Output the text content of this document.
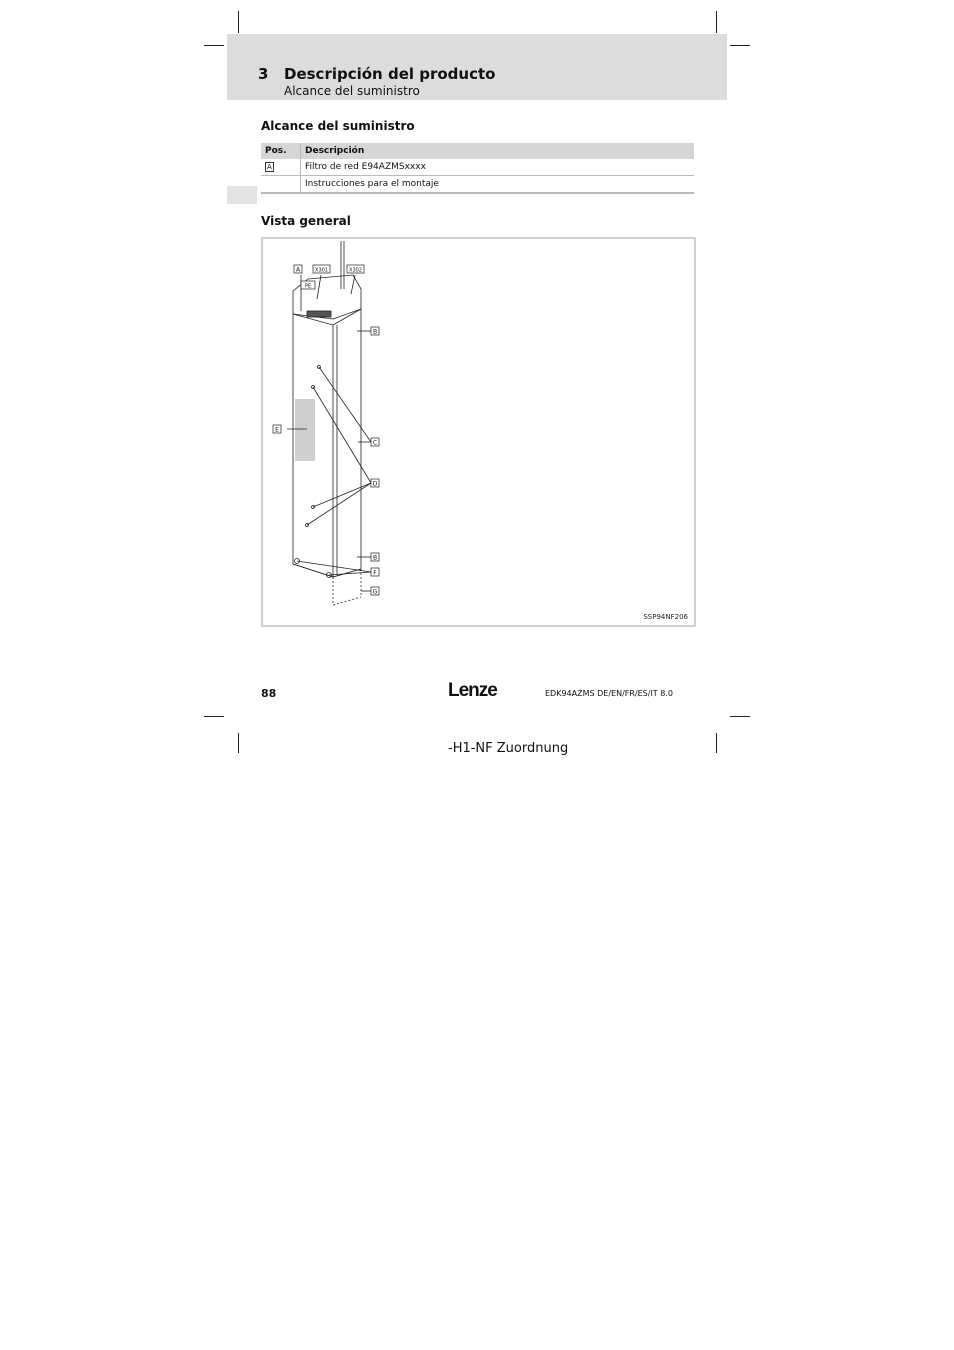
3 Descripción del producto
Alcance del suministro
Alcance del suministro
Pos.	Descripción
A	Filtro de red E94AZMSxxxx
	Instrucciones para el montaje
Vista general
A	X301	X302
PE
B
E
C
D
B
F
G
SSP94NF206
88	Lenze	EDK94AZMS DE/EN/FR/ES/IT 8.0
-H1-NF Zuordnung
